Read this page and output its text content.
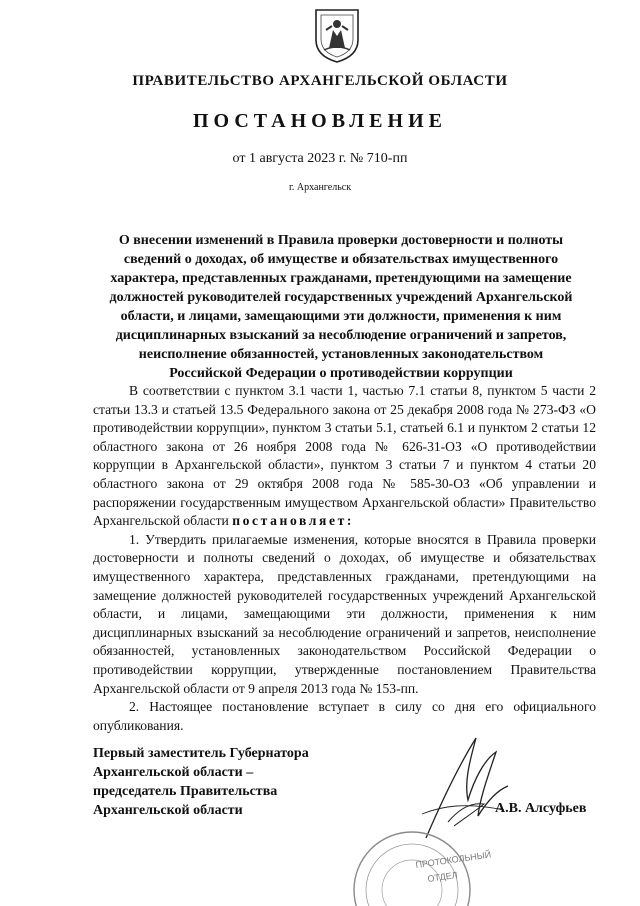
ПРАВИТЕЛЬСТВО АРХАНГЕЛЬСКОЙ ОБЛАСТИ
ПОСТАНОВЛЕНИЕ
от 1 августа 2023 г. № 710-пп
г. Архангельск
О внесении изменений в Правила проверки достоверности и полноты
сведений о доходах, об имуществе и обязательствах имущественного
характера, представленных гражданами, претендующими на замещение
должностей руководителей государственных учреждений Архангельской
области, и лицами, замещающими эти должности, применения к ним
дисциплинарных взысканий за несоблюдение ограничений и запретов,
неисполнение обязанностей, установленных законодательством
Российской Федерации о противодействии коррупции

В соответствии с пунктом 3.1 части 1, частью 7.1 статьи 8, пунктом 5 части 2 статьи 13.3 и статьей 13.5 Федерального закона от 25 декабря 2008 года № 273-ФЗ «О противодействии коррупции», пунктом 3 статьи 5.1, статьей 6.1 и пунктом 2 статьи 12 областного закона от 26 ноября 2008 года № 626-31-ОЗ «О противодействии коррупции в Архангельской области», пунктом 3 статьи 7 и пунктом 4 статьи 20 областного закона от 29 октября 2008 года № 585-30-ОЗ «Об управлении и распоряжении государственным имуществом Архангельской области» Правительство Архангельской области постановляет:

1. Утвердить прилагаемые изменения, которые вносятся в Правила проверки достоверности и полноты сведений о доходах, об имуществе и обязательствах имущественного характера, представленных гражданами, претендующими на замещение должностей руководителей государственных учреждений Архангельской области, и лицами, замещающими эти должности, применения к ним дисциплинарных взысканий за несоблюдение ограничений и запретов, неисполнение обязанностей, установленных законодательством Российской Федерации о противодействии коррупции, утвержденные постановлением Правительства Архангельской области от 9 апреля 2013 года № 153-пп.

2. Настоящее постановление вступает в силу со дня его официального опубликования.

Первый заместитель Губернатора
Архангельской области –
председатель Правительства
Архангельской области	А.В. Алсуфьев
ПРОТОКОЛЬНЫЙ
ОТДЕЛ
